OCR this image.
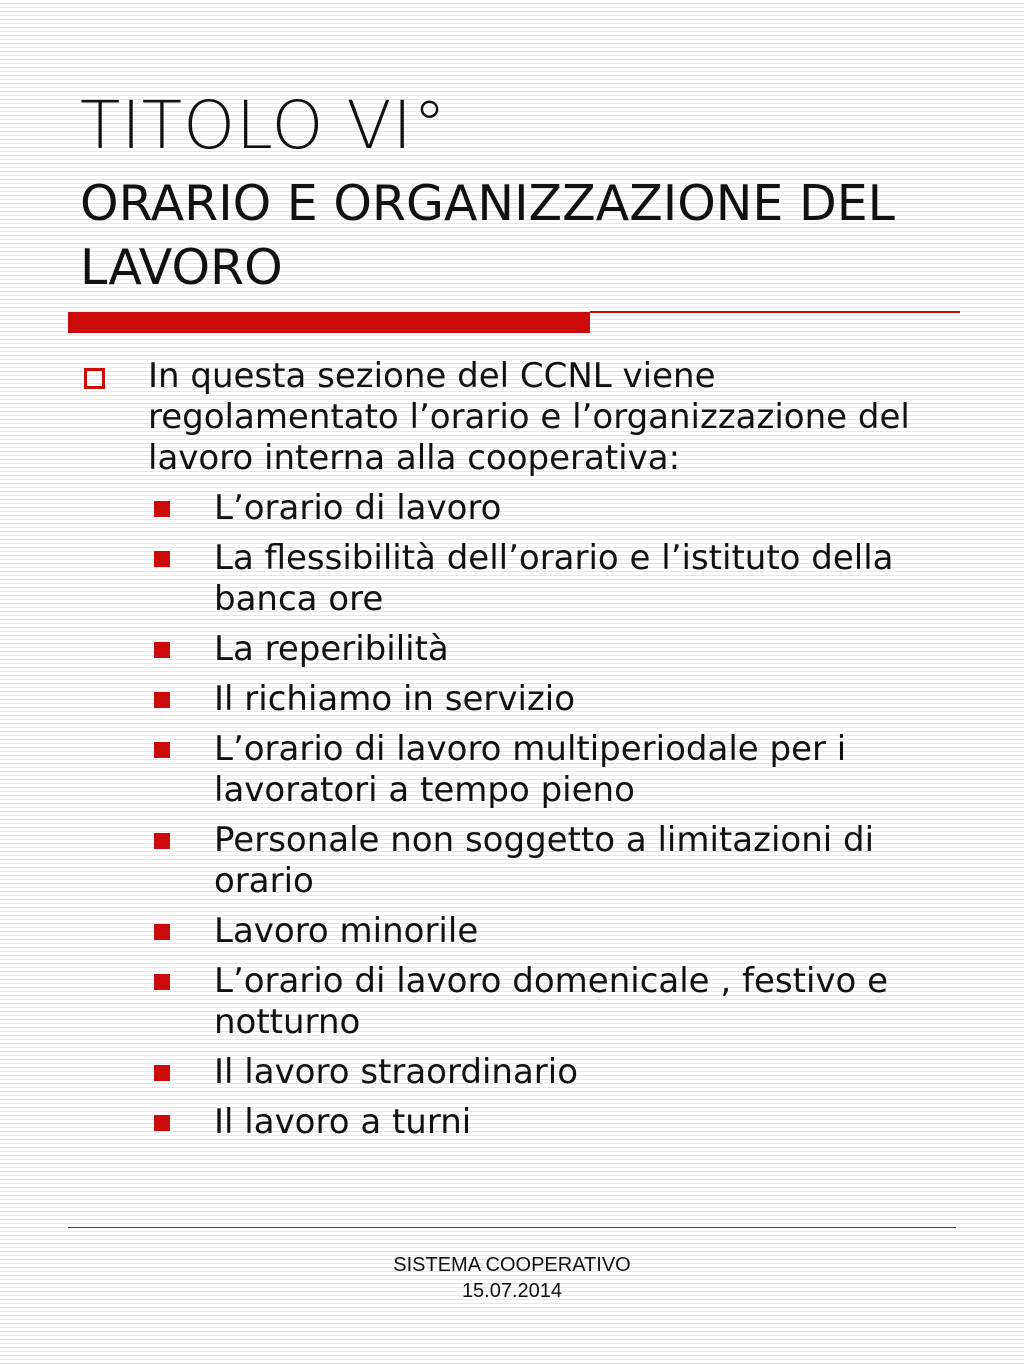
TITOLO VI°
ORARIO E ORGANIZZAZIONE DEL LAVORO
In questa sezione del CCNL viene regolamentato l’orario e l’organizzazione del lavoro interna alla cooperativa:
L’orario di lavoro
La flessibilità dell’orario e l’istituto della banca ore
La reperibilità
Il richiamo in servizio
L’orario di lavoro multiperiodale per i lavoratori a tempo pieno
Personale non soggetto a limitazioni di orario
Lavoro minorile
L’orario di lavoro domenicale , festivo e notturno
Il lavoro straordinario
Il lavoro a turni
SISTEMA COOPERATIVO
15.07.2014
